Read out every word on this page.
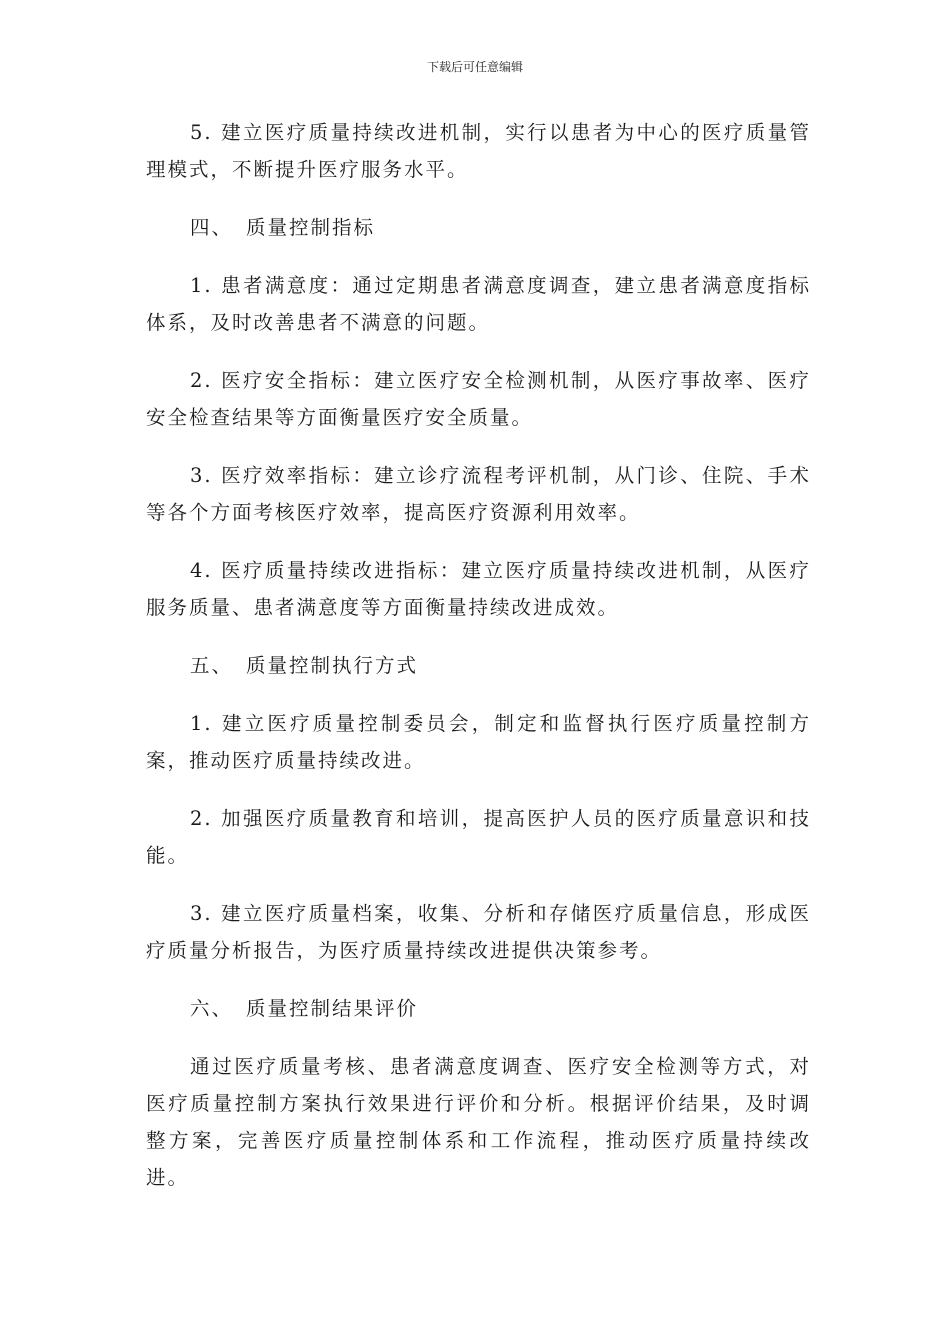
下载后可任意编辑

5. 建立医疗质量持续改进机制，实行以患者为中心的医疗质量管理模式，不断提升医疗服务水平。

四、 质量控制指标

1. 患者满意度：通过定期患者满意度调查，建立患者满意度指标体系，及时改善患者不满意的问题。

2. 医疗安全指标：建立医疗安全检测机制，从医疗事故率、医疗安全检查结果等方面衡量医疗安全质量。

3. 医疗效率指标：建立诊疗流程考评机制，从门诊、住院、手术等各个方面考核医疗效率，提高医疗资源利用效率。

4. 医疗质量持续改进指标：建立医疗质量持续改进机制，从医疗服务质量、患者满意度等方面衡量持续改进成效。

五、 质量控制执行方式

1. 建立医疗质量控制委员会，制定和监督执行医疗质量控制方案，推动医疗质量持续改进。

2. 加强医疗质量教育和培训，提高医护人员的医疗质量意识和技能。

3. 建立医疗质量档案，收集、分析和存储医疗质量信息，形成医疗质量分析报告，为医疗质量持续改进提供决策参考。

六、 质量控制结果评价

通过医疗质量考核、患者满意度调查、医疗安全检测等方式，对医疗质量控制方案执行效果进行评价和分析。根据评价结果，及时调整方案，完善医疗质量控制体系和工作流程，推动医疗质量持续改进。
